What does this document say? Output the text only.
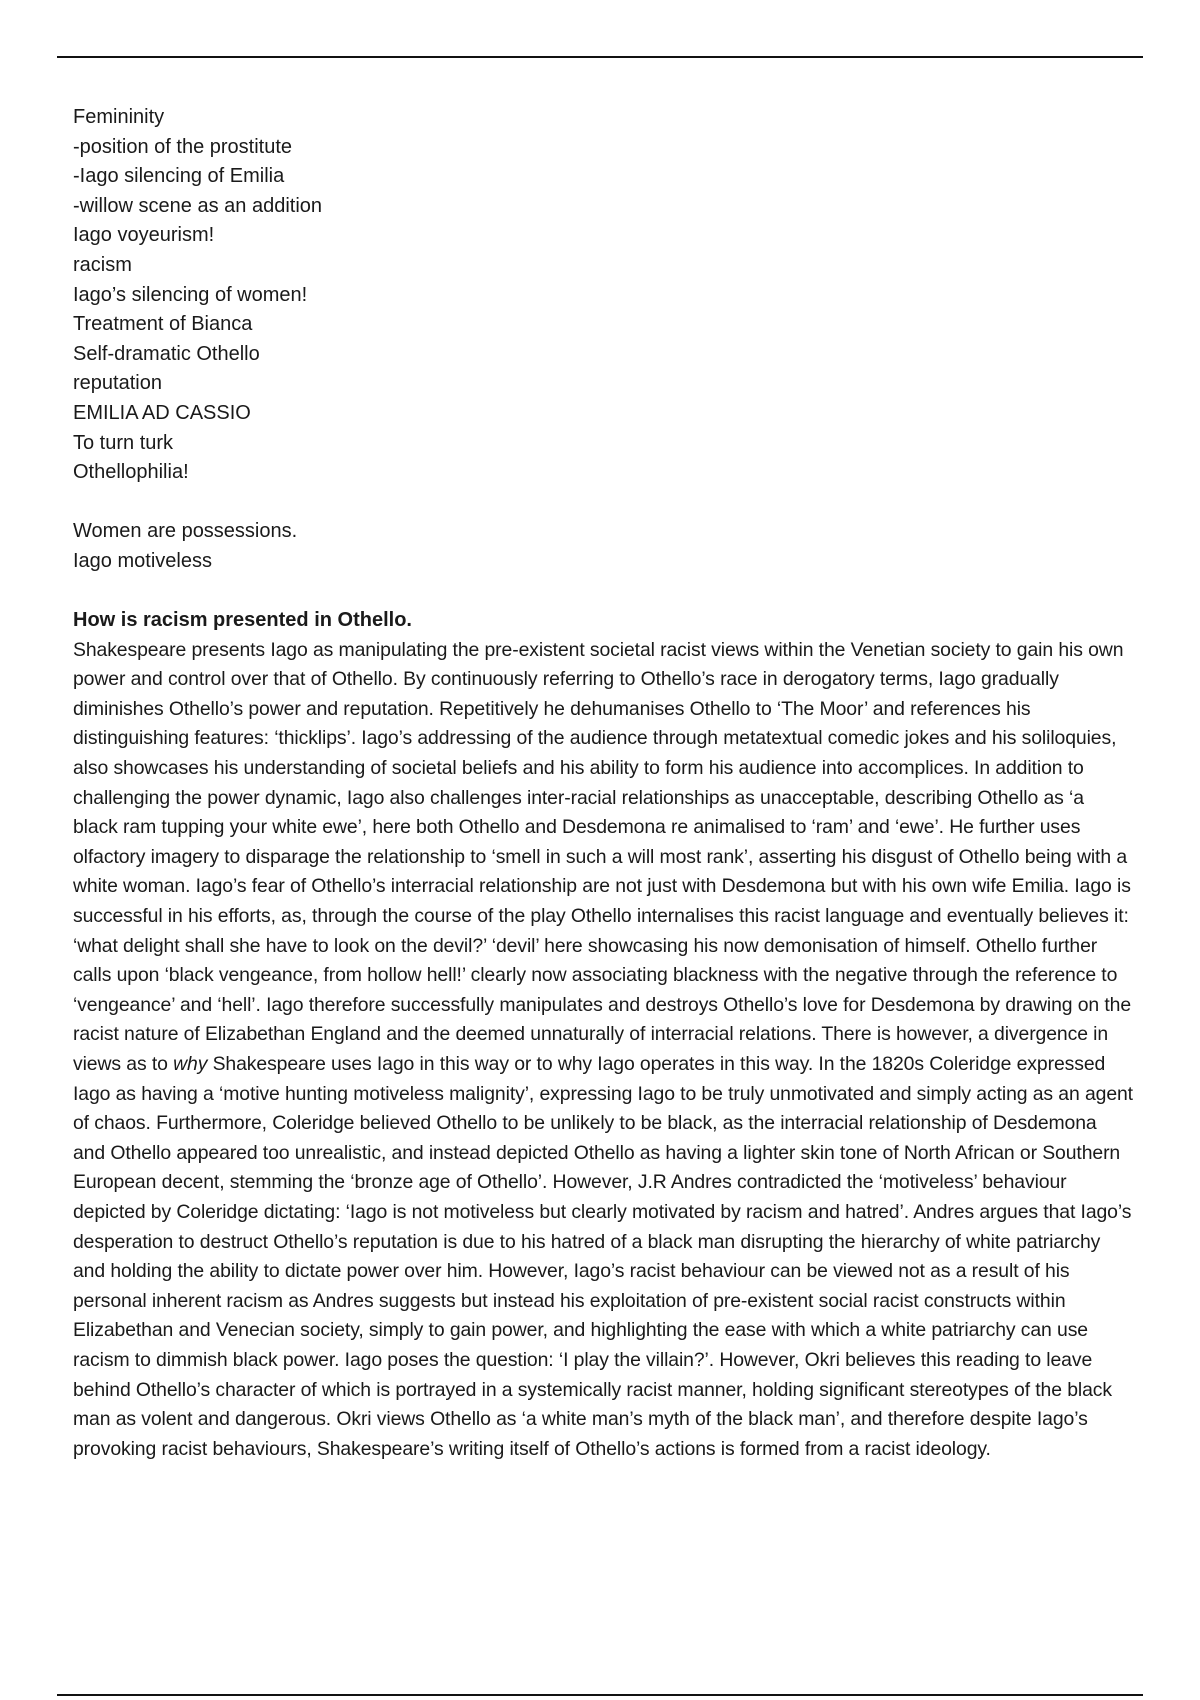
Femininity
-position of the prostitute
-Iago silencing of Emilia
-willow scene as an addition
Iago voyeurism!
racism
Iago’s silencing of women!
Treatment of Bianca
Self-dramatic Othello
reputation
EMILIA AD CASSIO
To turn turk
Othellophilia!
Women are possessions.
Iago motiveless

How is racism presented in Othello.

Shakespeare presents Iago as manipulating the pre-existent societal racist views within the Venetian society to gain his own power and control over that of Othello. By continuously referring to Othello’s race in derogatory terms, Iago gradually diminishes Othello’s power and reputation. Repetitively he dehumanises Othello to ‘The Moor’ and references his distinguishing features: ‘thicklips’. Iago’s addressing of the audience through metatextual comedic jokes and his soliloquies, also showcases his understanding of societal beliefs and his ability to form his audience into accomplices. In addition to challenging the power dynamic, Iago also challenges inter-racial relationships as unacceptable, describing Othello as ‘a black ram tupping your white ewe’, here both Othello and Desdemona re animalised to ‘ram’ and ‘ewe’. He further uses olfactory imagery to disparage the relationship to ‘smell in such a will most rank’, asserting his disgust of Othello being with a white woman. Iago’s fear of Othello’s interracial relationship are not just with Desdemona but with his own wife Emilia. Iago is successful in his efforts, as, through the course of the play Othello internalises this racist language and eventually believes it: ‘what delight shall she have to look on the devil?’ ‘devil’ here showcasing his now demonisation of himself. Othello further calls upon ‘black vengeance, from hollow hell!’ clearly now associating blackness with the negative through the reference to ‘vengeance’ and ‘hell’. Iago therefore successfully manipulates and destroys Othello’s love for Desdemona by drawing on the racist nature of Elizabethan England and the deemed unnaturally of interracial relations. There is however, a divergence in views as to why Shakespeare uses Iago in this way or to why Iago operates in this way. In the 1820s Coleridge expressed Iago as having a ‘motive hunting motiveless malignity’, expressing Iago to be truly unmotivated and simply acting as an agent of chaos. Furthermore, Coleridge believed Othello to be unlikely to be black, as the interracial relationship of Desdemona and Othello appeared too unrealistic, and instead depicted Othello as having a lighter skin tone of North African or Southern European decent, stemming the ‘bronze age of Othello’. However, J.R Andres contradicted the ‘motiveless’ behaviour depicted by Coleridge dictating: ‘Iago is not motiveless but clearly motivated by racism and hatred’. Andres argues that Iago’s desperation to destruct Othello’s reputation is due to his hatred of a black man disrupting the hierarchy of white patriarchy and holding the ability to dictate power over him. However, Iago’s racist behaviour can be viewed not as a result of his personal inherent racism as Andres suggests but instead his exploitation of pre-existent social racist constructs within Elizabethan and Venecian society, simply to gain power, and highlighting the ease with which a white patriarchy can use racism to dimmish black power. Iago poses the question: ‘I play the villain?’. However, Okri believes this reading to leave behind Othello’s character of which is portrayed in a systemically racist manner, holding significant stereotypes of the black man as volent and dangerous. Okri views Othello as ‘a white man’s myth of the black man’, and therefore despite Iago’s provoking racist behaviours, Shakespeare’s writing itself of Othello’s actions is formed from a racist ideology.
